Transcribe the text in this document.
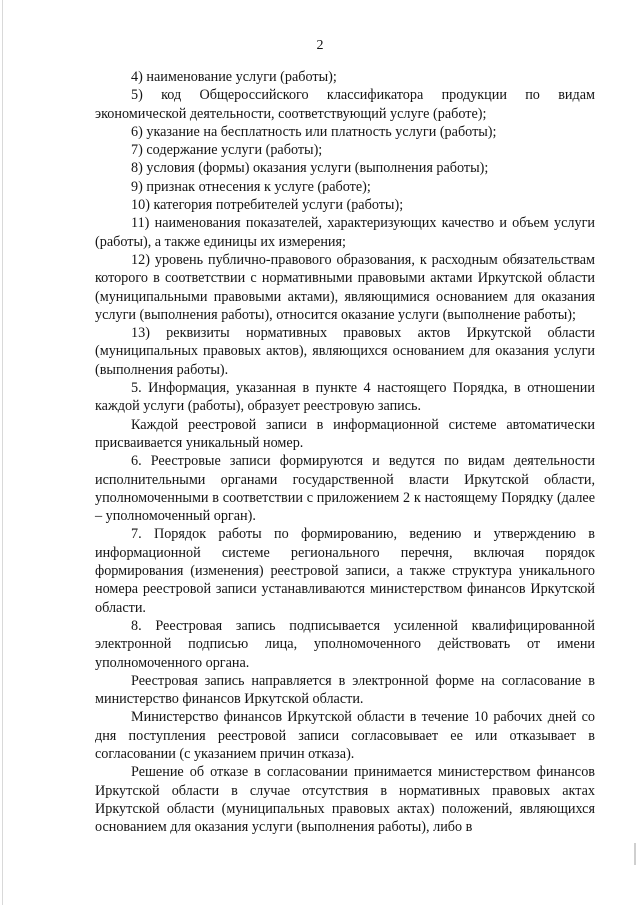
2

4) наименование услуги (работы);

5) код Общероссийского классификатора продукции по видам экономической деятельности, соответствующий услуге (работе);

6) указание на бесплатность или платность услуги (работы);

7) содержание услуги (работы);

8) условия (формы) оказания услуги (выполнения работы);

9) признак отнесения к услуге (работе);

10) категория потребителей услуги (работы);

11) наименования показателей, характеризующих качество и объем услуги (работы), а также единицы их измерения;

12) уровень публично-правового образования, к расходным обязательствам которого в соответствии с нормативными правовыми актами Иркутской области (муниципальными правовыми актами), являющимися основанием для оказания услуги (выполнения работы), относится оказание услуги (выполнение работы);

13) реквизиты нормативных правовых актов Иркутской области (муниципальных правовых актов), являющихся основанием для оказания услуги (выполнения работы).

5. Информация, указанная в пункте 4 настоящего Порядка, в отношении каждой услуги (работы), образует реестровую запись.

Каждой реестровой записи в информационной системе автоматически присваивается уникальный номер.

6. Реестровые записи формируются и ведутся по видам деятельности исполнительными органами государственной власти Иркутской области, уполномоченными в соответствии с приложением 2 к настоящему Порядку (далее – уполномоченный орган).

7. Порядок работы по формированию, ведению и утверждению в информационной системе регионального перечня, включая порядок формирования (изменения) реестровой записи, а также структура уникального номера реестровой записи устанавливаются министерством финансов Иркутской области.

8. Реестровая запись подписывается усиленной квалифицированной электронной подписью лица, уполномоченного действовать от имени уполномоченного органа.

Реестровая запись направляется в электронной форме на согласование в министерство финансов Иркутской области.

Министерство финансов Иркутской области в течение 10 рабочих дней со дня поступления реестровой записи согласовывает ее или отказывает в согласовании (с указанием причин отказа).

Решение об отказе в согласовании принимается министерством финансов Иркутской области в случае отсутствия в нормативных правовых актах Иркутской области (муниципальных правовых актах) положений, являющихся основанием для оказания услуги (выполнения работы), либо в
